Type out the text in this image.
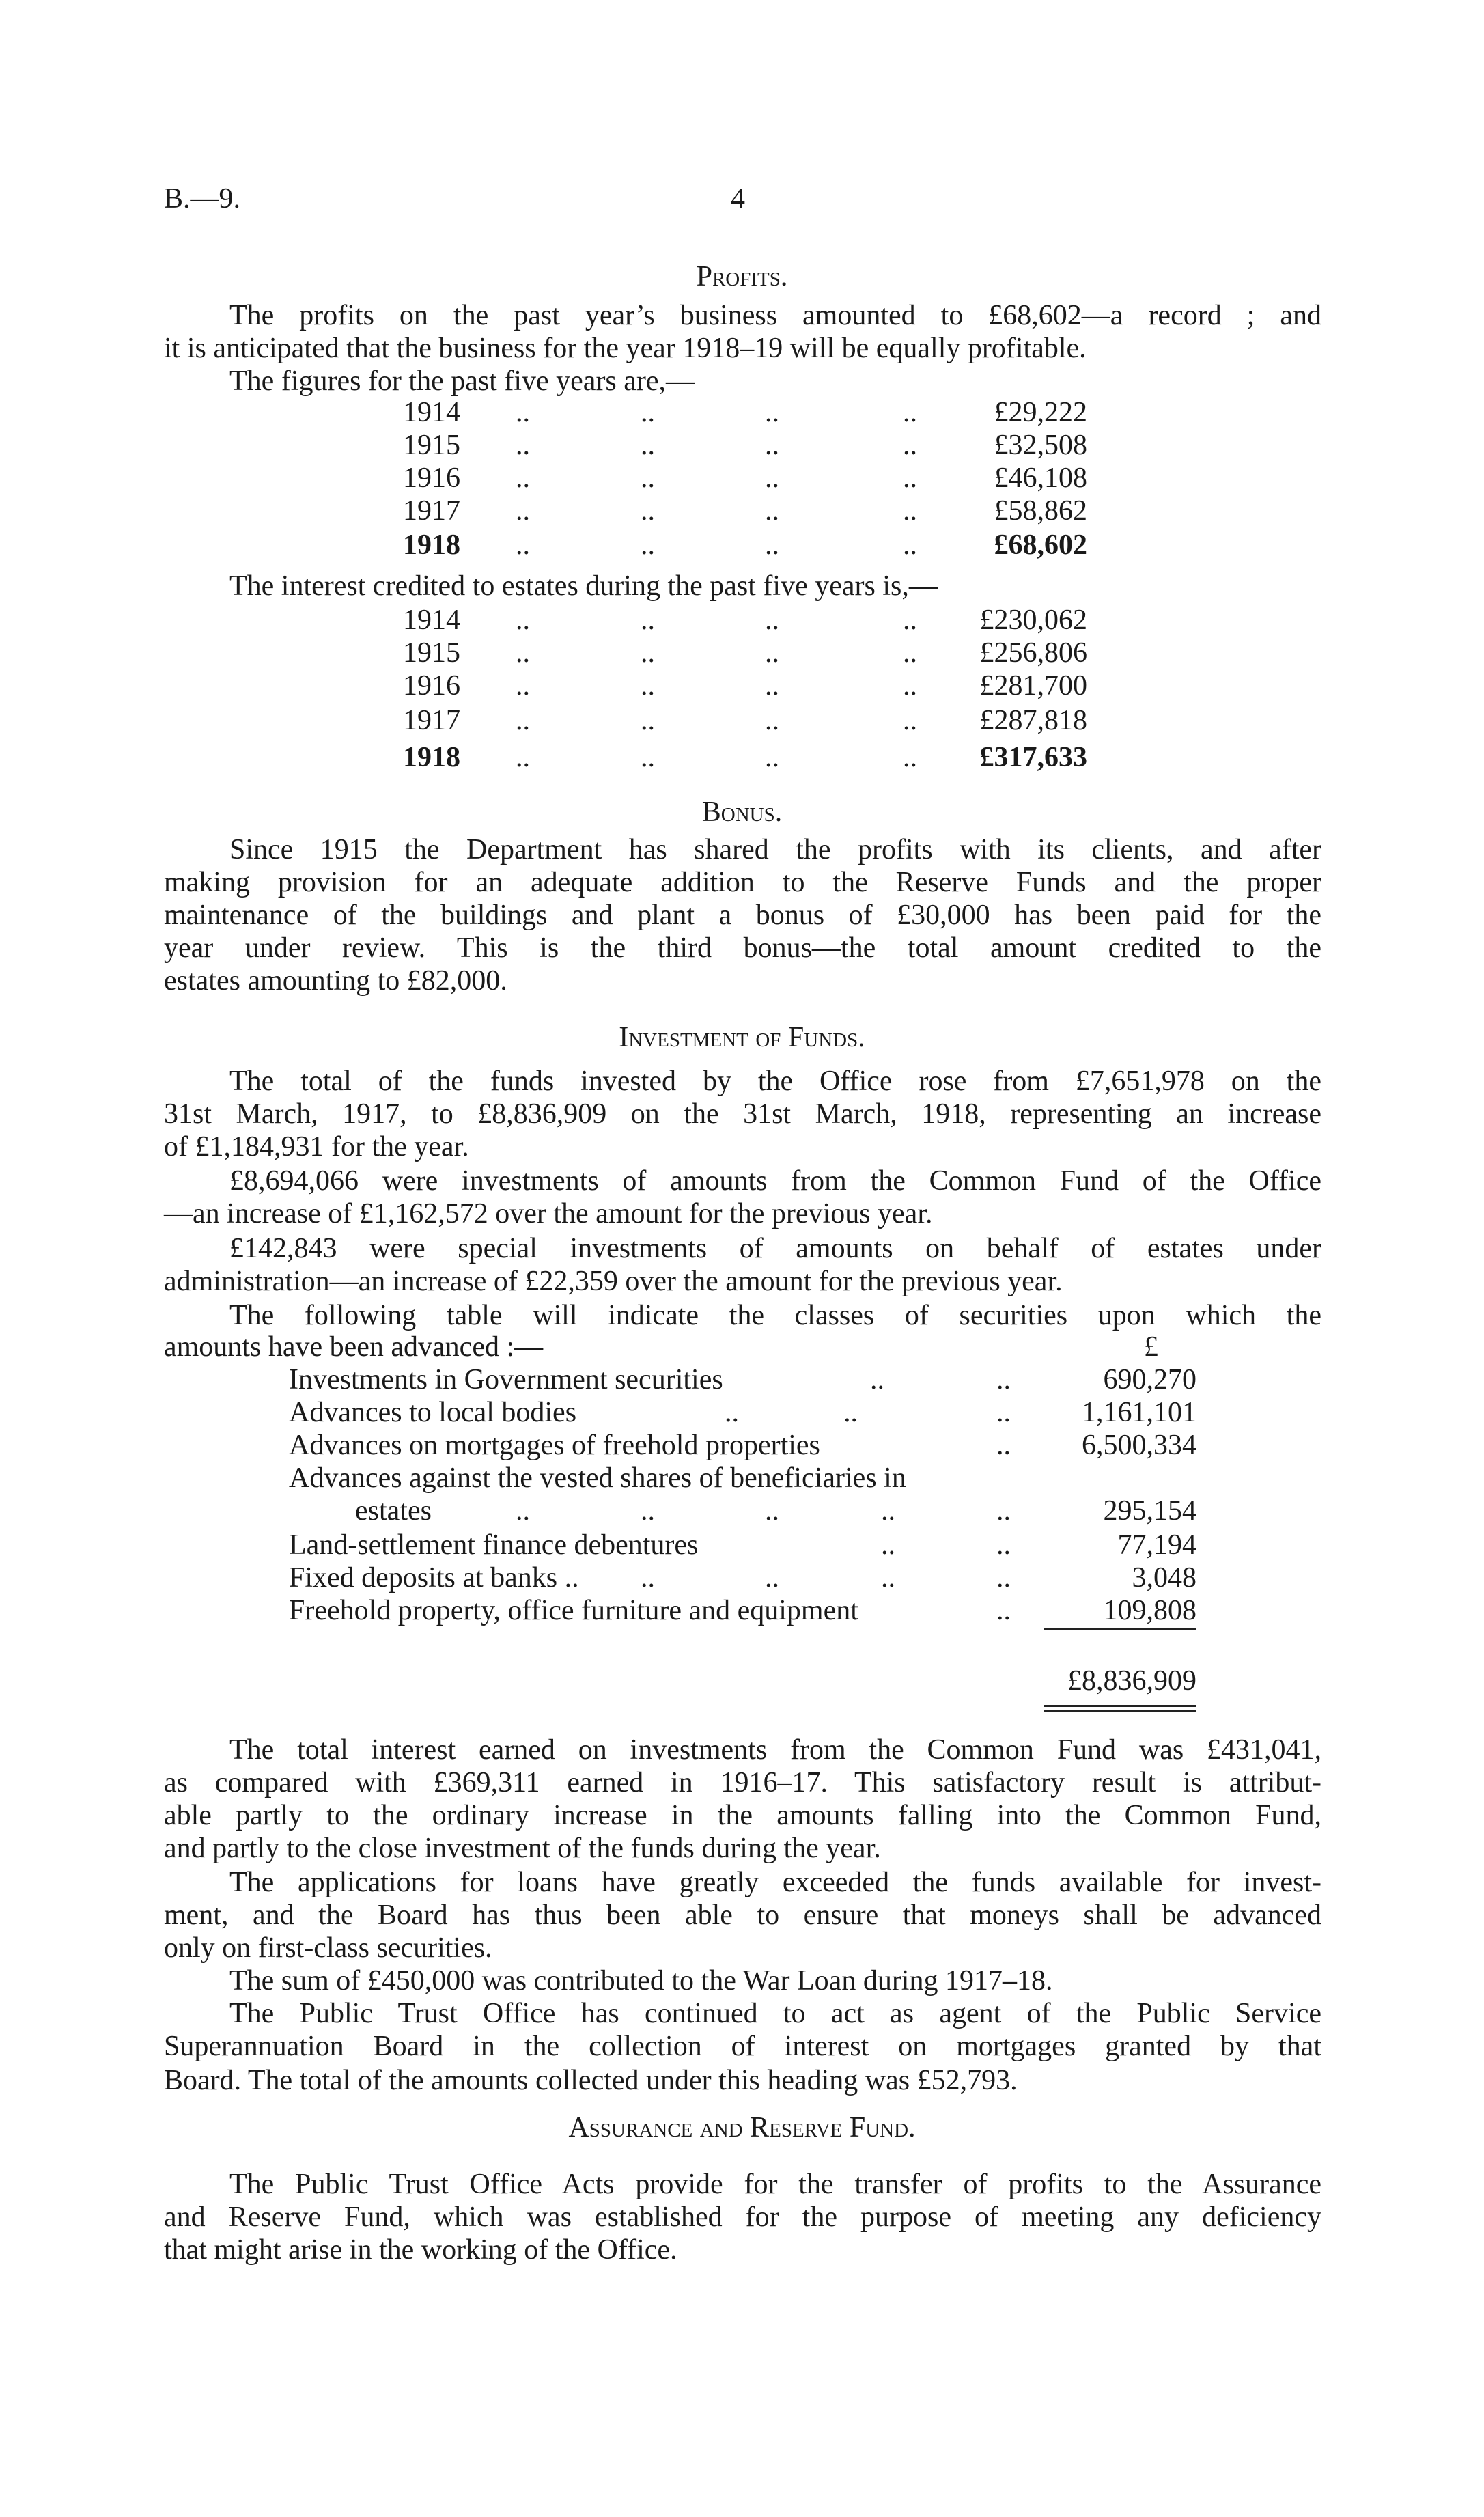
B.—9.	4
Profits.
The profits on the past year’s business amounted to £68,602—a record ; and
it is anticipated that the business for the year 1918–19 will be equally profitable.
The figures for the past five years are,—
1914 ..	..	..	..	£29,222
1915 ..	..	..	..	£32,508
1916 ..	..	..	..	£46,108
1917 ..	..	..	..	£58,862
1918 ..	..	..	..	£68,602
The interest credited to estates during the past five years is,—
1914 ..	..	..	..	£230,062
1915 ..	..	..	..	£256,806
1916 ..	..	..	..	£281,700
1917 ..	..	..	..	£287,818
1918 ..	..	..	..	£317,633
Bonus.
Since 1915 the Department has shared the profits with its clients, and after
making provision for an adequate addition to the Reserve Funds and the proper
maintenance of the buildings and plant a bonus of £30,000 has been paid for the
year under review. This is the third bonus—the total amount credited to the
estates amounting to £82,000.
Investment of Funds.
The total of the funds invested by the Office rose from £7,651,978 on the
31st March, 1917, to £8,836,909 on the 31st March, 1918, representing an increase
of £1,184,931 for the year.
£8,694,066 were investments of amounts from the Common Fund of the Office
—an increase of £1,162,572 over the amount for the previous year.
£142,843 were special investments of amounts on behalf of estates under
administration—an increase of £22,359 over the amount for the previous year.
The following table will indicate the classes of securities upon which the
amounts have been advanced :—	£
Investments in Government securities	..	..	690,270
Advances to local bodies	..	..	..	1,161,101
Advances on mortgages of freehold properties	..	6,500,334
Advances against the vested shares of beneficiaries in
estates	..	..	..	..	..	295,154
Land-settlement finance debentures	..	..	77,194
Fixed deposits at banks .. ..	..	..	..	3,048
Freehold property, office furniture and equipment	..	109,808
£8,836,909
The total interest earned on investments from the Common Fund was £431,041,
as compared with £369,311 earned in 1916–17. This satisfactory result is attribut-
able partly to the ordinary increase in the amounts falling into the Common Fund,
and partly to the close investment of the funds during the year.
The applications for loans have greatly exceeded the funds available for invest-
ment, and the Board has thus been able to ensure that moneys shall be advanced
only on first-class securities.
The sum of £450,000 was contributed to the War Loan during 1917–18.
The Public Trust Office has continued to act as agent of the Public Service
Superannuation Board in the collection of interest on mortgages granted by that
Board. The total of the amounts collected under this heading was £52,793.
Assurance and Reserve Fund.
The Public Trust Office Acts provide for the transfer of profits to the Assurance
and Reserve Fund, which was established for the purpose of meeting any deficiency
that might arise in the working of the Office.
